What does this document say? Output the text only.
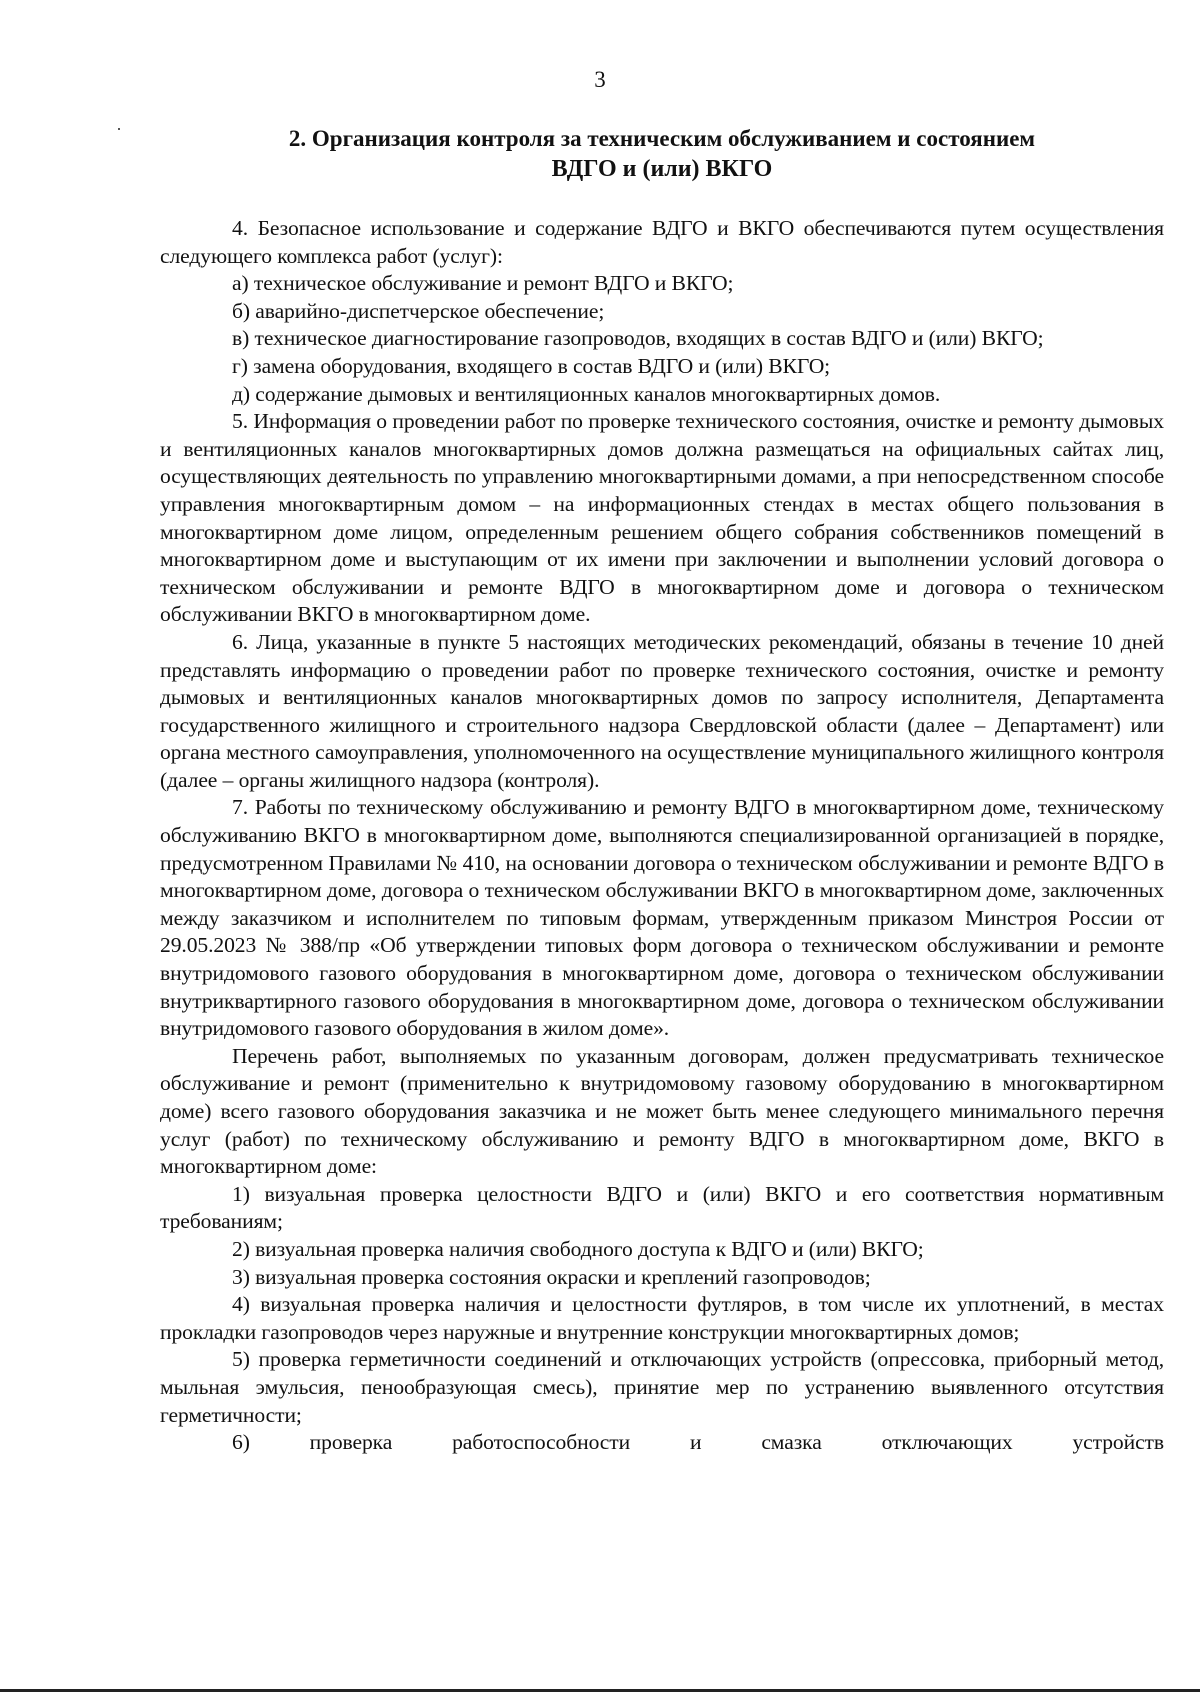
3
2. Организация контроля за техническим обслуживанием и состоянием
ВДГО и (или) ВКГО

4. Безопасное использование и содержание ВДГО и ВКГО обеспечиваются путем осуществления следующего комплекса работ (услуг):

а) техническое обслуживание и ремонт ВДГО и ВКГО;

б) аварийно-диспетчерское обеспечение;

в) техническое диагностирование газопроводов, входящих в состав ВДГО и (или) ВКГО;

г) замена оборудования, входящего в состав ВДГО и (или) ВКГО;

д) содержание дымовых и вентиляционных каналов многоквартирных домов.

5. Информация о проведении работ по проверке технического состояния, очистке и ремонту дымовых и вентиляционных каналов многоквартирных домов должна размещаться на официальных сайтах лиц, осуществляющих деятельность по управлению многоквартирными домами, а при непосредственном способе управления многоквартирным домом – на информационных стендах в местах общего пользования в многоквартирном доме лицом, определенным решением общего собрания собственников помещений в многоквартирном доме и выступающим от их имени при заключении и выполнении условий договора о техническом обслуживании и ремонте ВДГО в многоквартирном доме и договора о техническом обслуживании ВКГО в многоквартирном доме.

6. Лица, указанные в пункте 5 настоящих методических рекомендаций, обязаны в течение 10 дней представлять информацию о проведении работ по проверке технического состояния, очистке и ремонту дымовых и вентиляционных каналов многоквартирных домов по запросу исполнителя, Департамента государственного жилищного и строительного надзора Свердловской области (далее – Департамент) или органа местного самоуправления, уполномоченного на осуществление муниципального жилищного контроля (далее – органы жилищного надзора (контроля).

7. Работы по техническому обслуживанию и ремонту ВДГО в многоквартирном доме, техническому обслуживанию ВКГО в многоквартирном доме, выполняются специализированной организацией в порядке, предусмотренном Правилами № 410, на основании договора о техническом обслуживании и ремонте ВДГО в многоквартирном доме, договора о техническом обслуживании ВКГО в многоквартирном доме, заключенных между заказчиком и исполнителем по типовым формам, утвержденным приказом Минстроя России от 29.05.2023 № 388/пр «Об утверждении типовых форм договора о техническом обслуживании и ремонте внутридомового газового оборудования в многоквартирном доме, договора о техническом обслуживании внутриквартирного газового оборудования в многоквартирном доме, договора о техническом обслуживании внутридомового газового оборудования в жилом доме».

Перечень работ, выполняемых по указанным договорам, должен предусматривать техническое обслуживание и ремонт (применительно к внутридомовому газовому оборудованию в многоквартирном доме) всего газового оборудования заказчика и не может быть менее следующего минимального перечня услуг (работ) по техническому обслуживанию и ремонту ВДГО в многоквартирном доме, ВКГО в многоквартирном доме:

1) визуальная проверка целостности ВДГО и (или) ВКГО и его соответствия нормативным требованиям;

2) визуальная проверка наличия свободного доступа к ВДГО и (или) ВКГО;

3) визуальная проверка состояния окраски и креплений газопроводов;

4) визуальная проверка наличия и целостности футляров, в том числе их уплотнений, в местах прокладки газопроводов через наружные и внутренние конструкции многоквартирных домов;

5) проверка герметичности соединений и отключающих устройств (опрессовка, приборный метод, мыльная эмульсия, пенообразующая смесь), принятие мер по устранению выявленного отсутствия герметичности;

6) проверка работоспособности и смазка отключающих устройств
